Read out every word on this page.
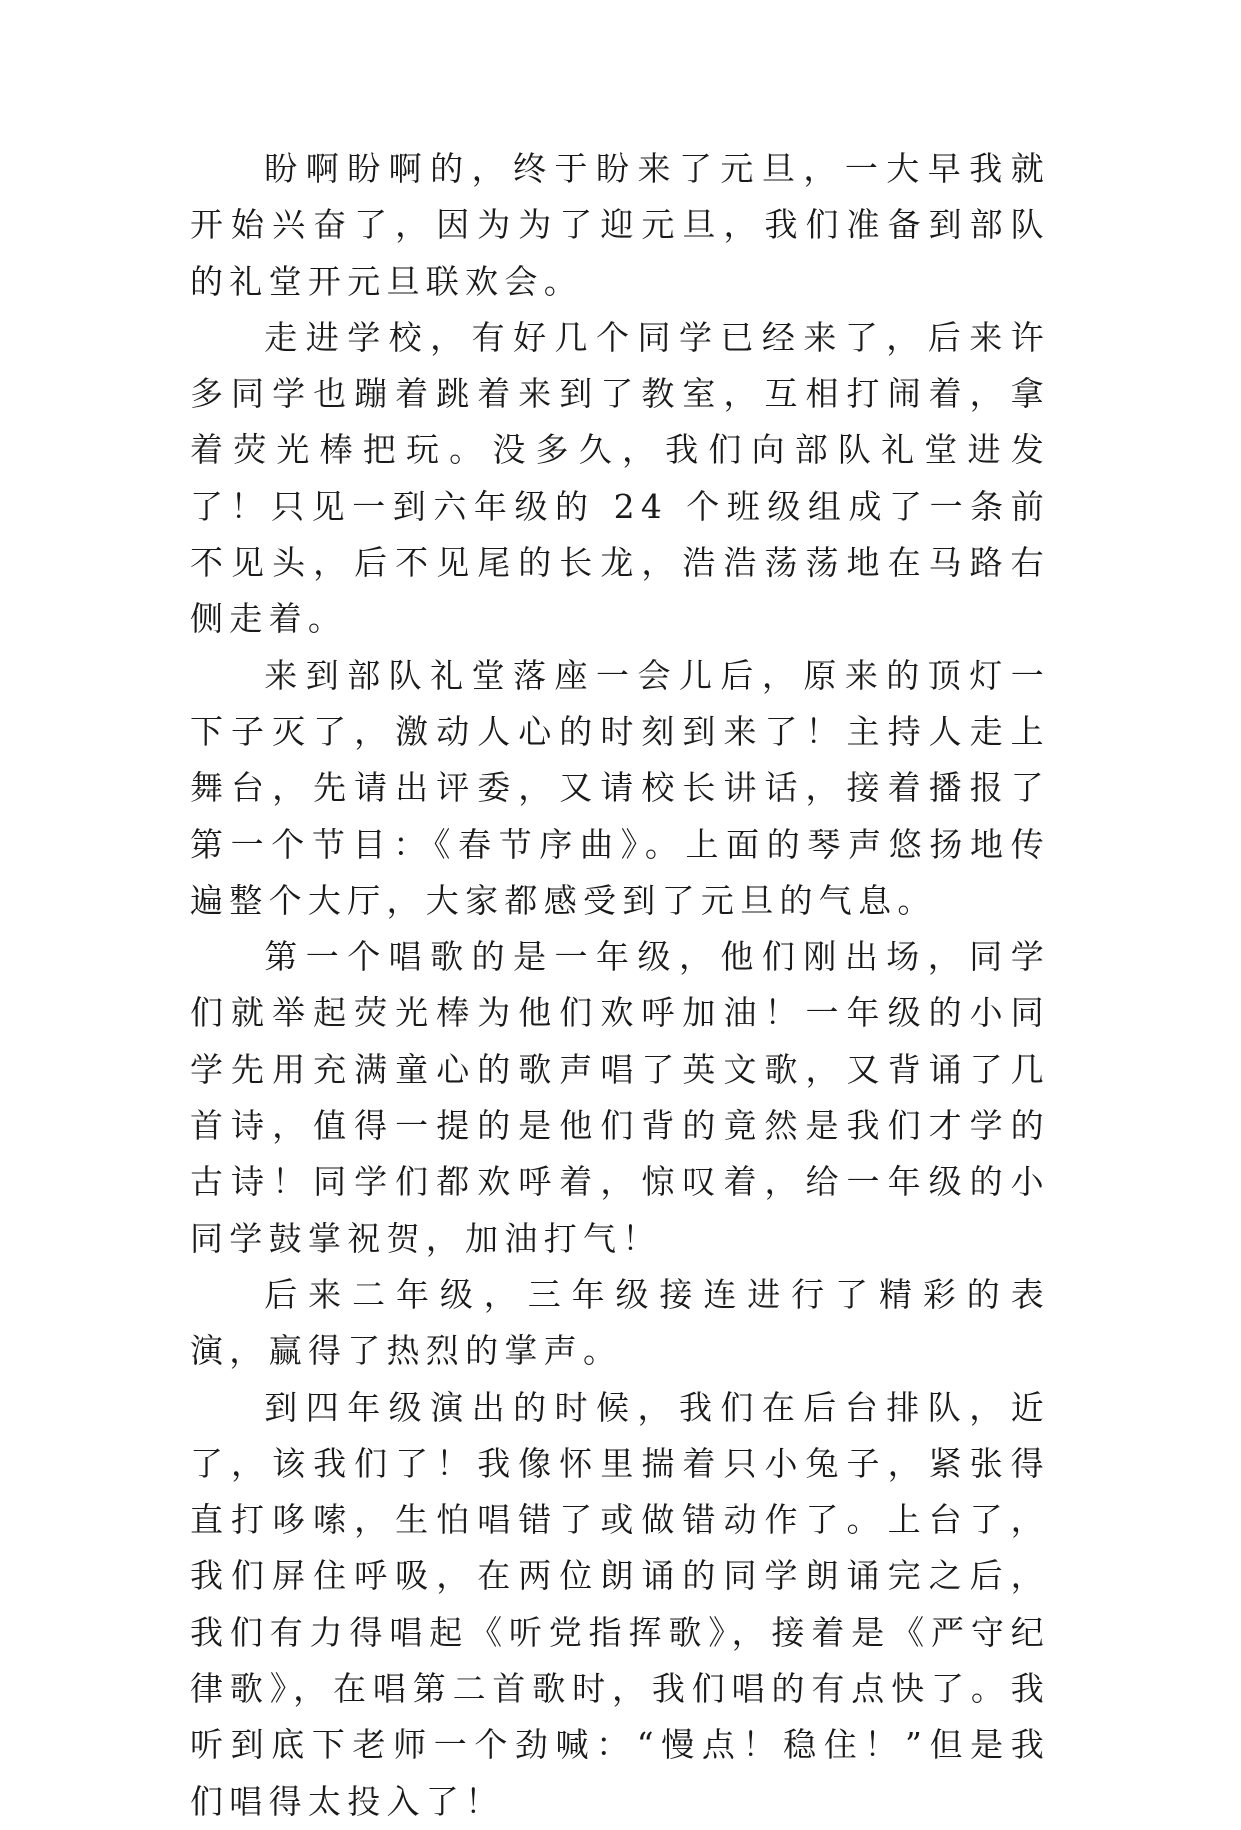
盼啊盼啊的，终于盼来了元旦，一大早我就开始兴奋了，因为为了迎元旦，我们准备到部队的礼堂开元旦联欢会。

走进学校，有好几个同学已经来了，后来许多同学也蹦着跳着来到了教室，互相打闹着，拿着荧光棒把玩。没多久，我们向部队礼堂进发了！只见一到六年级的 24 个班级组成了一条前不见头，后不见尾的长龙，浩浩荡荡地在马路右侧走着。

来到部队礼堂落座一会儿后，原来的顶灯一下子灭了，激动人心的时刻到来了！主持人走上舞台，先请出评委，又请校长讲话，接着播报了第一个节目：《春节序曲》。上面的琴声悠扬地传遍整个大厅，大家都感受到了元旦的气息。

第一个唱歌的是一年级，他们刚出场，同学们就举起荧光棒为他们欢呼加油！一年级的小同学先用充满童心的歌声唱了英文歌，又背诵了几首诗，值得一提的是他们背的竟然是我们才学的古诗！同学们都欢呼着，惊叹着，给一年级的小同学鼓掌祝贺，加油打气！

后来二年级，三年级接连进行了精彩的表演，赢得了热烈的掌声。

到四年级演出的时候，我们在后台排队，近了，该我们了！我像怀里揣着只小兔子，紧张得直打哆嗦，生怕唱错了或做错动作了。上台了，我们屏住呼吸，在两位朗诵的同学朗诵完之后，我们有力得唱起《听党指挥歌》，接着是《严守纪律歌》，在唱第二首歌时，我们唱的有点快了。我听到底下老师一个劲喊：“慢点！稳住！”但是我们唱得太投入了！
